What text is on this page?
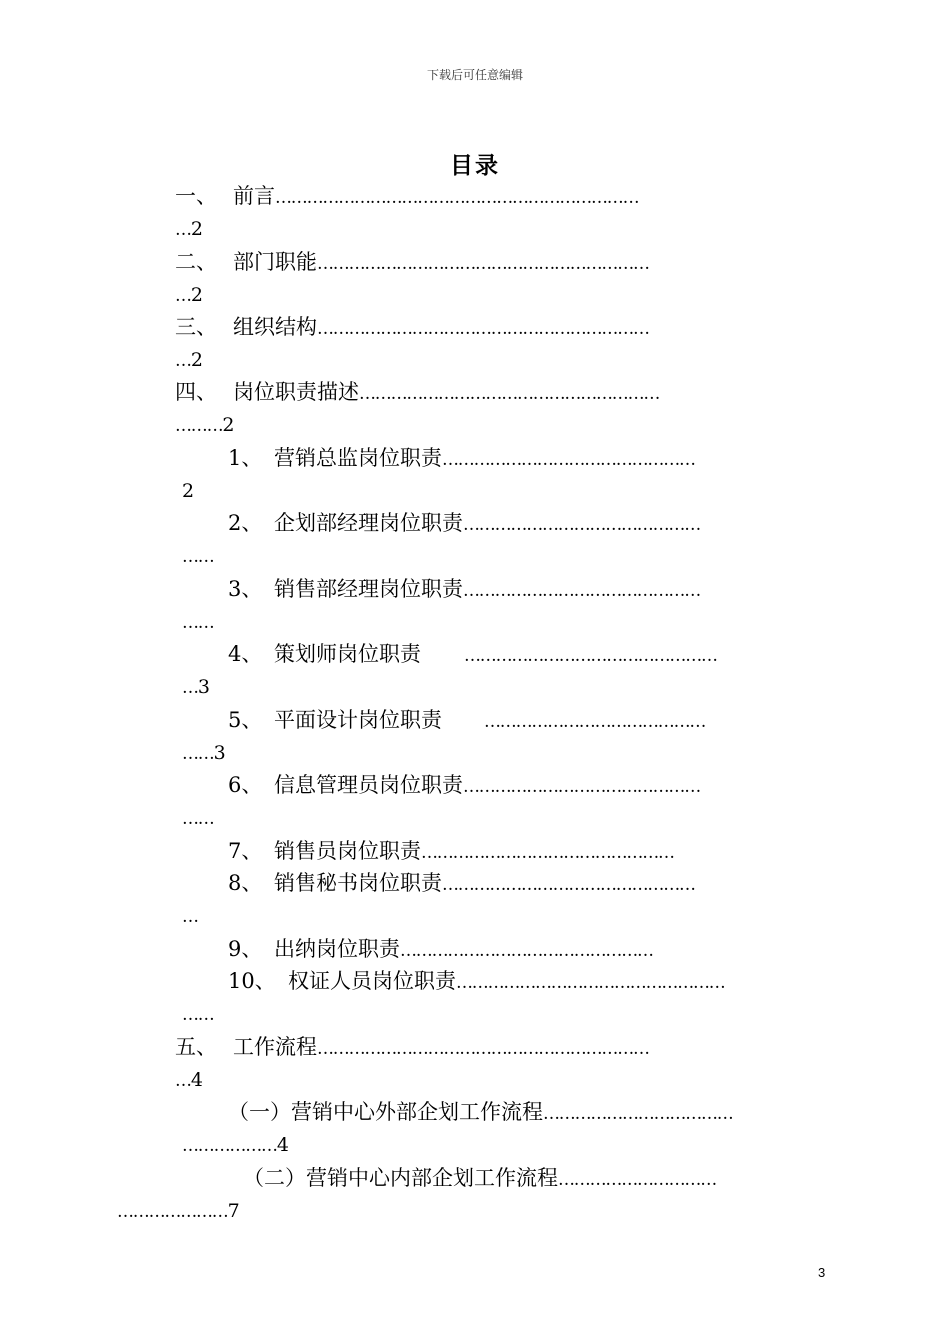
下载后可任意编辑
目录
一、 前言……………………………………………………………
…2
二、 部门职能………………………………………………………
…2
三、 组织结构………………………………………………………
…2
四、 岗位职责描述…………………………………………………
………2
1、 营销总监岗位职责…………………………………………
2
2、 企划部经理岗位职责………………………………………
……
3、 销售部经理岗位职责………………………………………
……
4、 策划师岗位职责	…………………………………………
…3
5、 平面设计岗位职责 ……………………………………
……3
6、 信息管理员岗位职责………………………………………
……
7、 销售员岗位职责…………………………………………
8、 销售秘书岗位职责…………………………………………
…
9、 出纳岗位职责…………………………………………
10、 权证人员岗位职责……………………………………………
……
五、 工作流程………………………………………………………
…4
（一）营销中心外部企划工作流程………………………………
………………4
（二）营销中心内部企划工作流程…………………………
…………………7
3
